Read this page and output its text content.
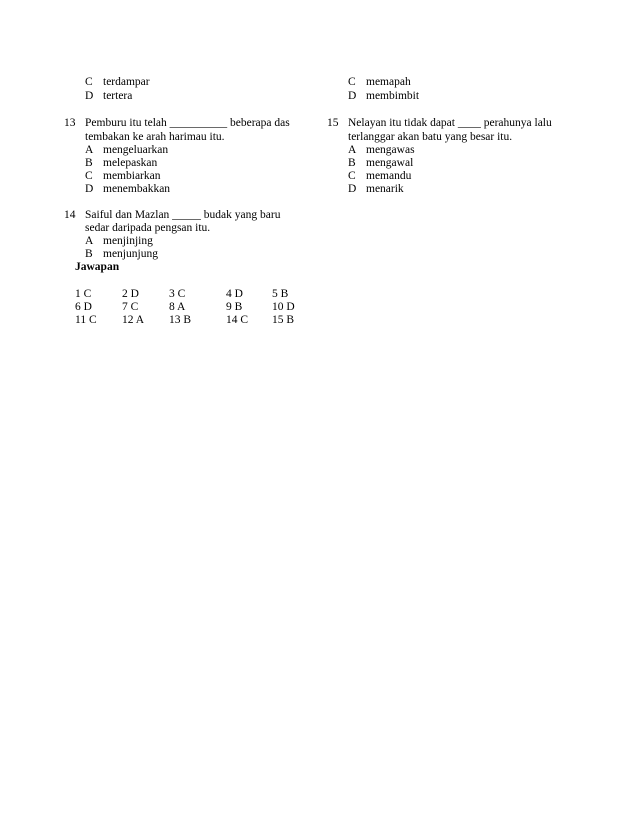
C terdampar
D tertera
13 Pemburu itu telah __________ beberapa das
tembakan ke arah harimau itu.
A mengeluarkan
B melepaskan
C membiarkan
D menembakkan
14 Saiful dan Mazlan _____ budak yang baru
sedar daripada pengsan itu.
A menjinjing
B menjunjung
Jawapan
1 C	2 D	3 C	4 D	5 B
6 D	7 C	8 A	9 B	10 D
11 C 12 A 13 B	14 C 15 B
C memapah
D membimbit
15 Nelayan itu tidak dapat ____ perahunya lalu
terlanggar akan batu yang besar itu.
A mengawas
B mengawal
C memandu
D menarik
